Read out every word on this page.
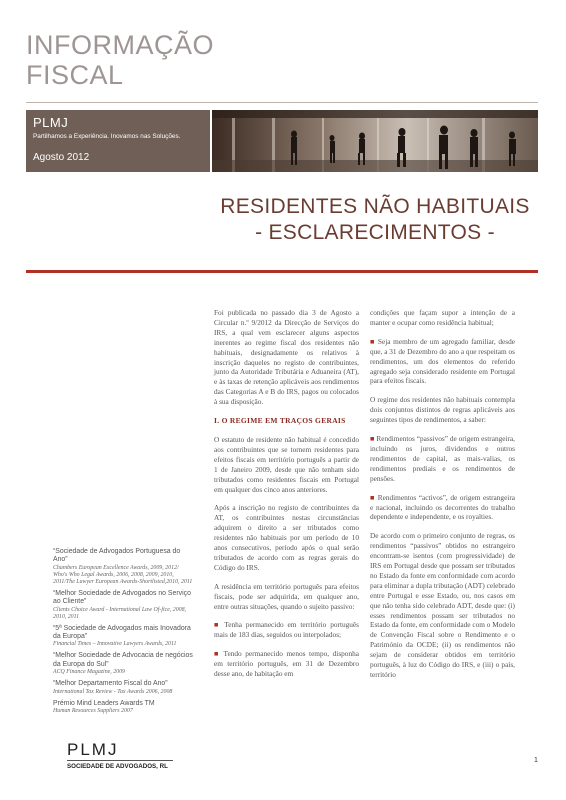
INFORMAÇÃO
FISCAL
PLMJ
Partilhamos a Experiência. Inovamos nas Soluções.
Agosto 2012
RESIDENTES NÃO HABITUAIS
- ESCLARECIMENTOS -

Foi publicada no passado dia 3 de Agosto a Circular n.º 9/2012 da Direcção de Serviços do IRS, a qual vem esclarecer alguns aspectos inerentes ao regime fiscal dos residentes não habituais, designadamente os relativos à inscrição daqueles no registo de contribuintes, junto da Autoridade Tributária e Aduaneira (AT), e às taxas de retenção aplicáveis aos rendimentos das Categorias A e B do IRS, pagos ou colocados à sua disposição.

I. O REGIME EM TRAÇOS GERAIS

O estatuto de residente não habitual é concedido aos contribuintes que se tornem residentes para efeitos fiscais em território português a partir de 1 de Janeiro 2009, desde que não tenham sido tributados como residentes fiscais em Portugal em qualquer dos cinco anos anteriores.

Após a inscrição no registo de contribuintes da AT, os contribuintes nestas circunstâncias adquirem o direito a ser tributados como residentes não habituais por um período de 10 anos consecutivos, período após o qual serão tributados de acordo com as regras gerais do Código do IRS.

A residência em território português para efeitos fiscais, pode ser adquirida, em qualquer ano, entre outras situações, quando o sujeito passivo:

■ Tenha permanecido em território português mais de 183 dias, seguidos ou interpolados;

■ Tendo permanecido menos tempo, disponha em território português, em 31 de Dezembro desse ano, de habitação em

condições que façam supor a intenção de a manter e ocupar como residência habitual;

■ Seja membro de um agregado familiar, desde que, a 31 de Dezembro do ano a que respeitam os rendimentos, um dos elementos do referido agregado seja considerado residente em Portugal para efeitos fiscais.

O regime dos residentes não habituais contempla dois conjuntos distintos de regras aplicáveis aos seguintes tipos de rendimentos, a saber:

■ Rendimentos “passivos” de origem estrangeira, incluindo os juros, dividendos e outros rendimentos de capital, as mais-valias, os rendimentos prediais e os rendimentos de pensões.

■ Rendimentos “activos”, de origem estrangeira e nacional, incluindo os decorrentes do trabalho dependente e independente, e os royalties.

De acordo com o primeiro conjunto de regras, os rendimentos “passivos” obtidos no estrangeiro encontram-se isentos (com progressividade) de IRS em Portugal desde que possam ser tributados no Estado da fonte em conformidade com acordo para eliminar a dupla tributação (ADT) celebrado entre Portugal e esse Estado, ou, nos casos em que não tenha sido celebrado ADT, desde que: (i) esses rendimentos possam ser tributados no Estado da fonte, em conformidade com o Modelo de Convenção Fiscal sobre o Rendimento e o Património da OCDE; (ii) os rendimentos não sejam de considerar obtidos em território português, à luz do Código do IRS, e (iii) o país, território

“Sociedade de Advogados Portuguesa do Ano”
Chambers European Excellence Awards, 2009, 2012/ Who's Who Legal Awards, 2006, 2008, 2009, 2010, 2011/The Lawyer European Awards-Shortlisted,2010, 2011
“Melhor Sociedade de Advogados no Serviço ao Cliente”
Clients Choice Award - International Law Of-fice, 2008, 2010, 2011
“5ª Sociedade de Advogados mais Inovadora da Europa”
Financial Times – Innovative Lawyers Awards, 2011
“Melhor Sociedade de Advocacia de negócios da Europa do Sul”
ACQ Finance Magazine, 2009
“Melhor Departamento Fiscal do Ano”
International Tax Review - Tax Awards 2006, 2008
Prémio Mind Leaders Awards TM
Human Resources Suppliers 2007
PLMJ
SOCIEDADE DE ADVOGADOS, RL
1
